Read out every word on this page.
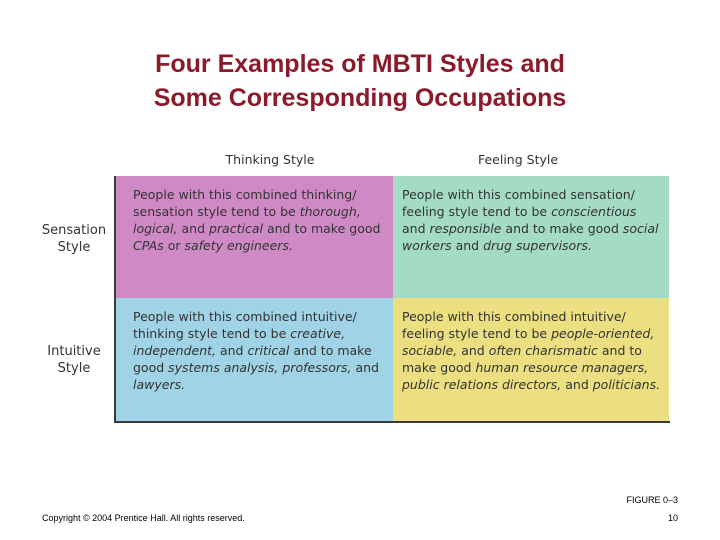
Four Examples of MBTI Styles and
Some Corresponding Occupations
Thinking Style	Feeling Style
Sensation
Style
Intuitive
Style
People with this combined thinking/ sensation style tend to be thorough, logical, and practical and to make good CPAs or safety engineers.
People with this combined sensation/ feeling style tend to be conscientious and responsible and to make good social workers and drug supervisors.
People with this combined intuitive/ thinking style tend to be creative, independent, and critical and to make good systems analysis, professors, and lawyers.
People with this combined intuitive/ feeling style tend to be people-oriented, sociable, and often charismatic and to make good human resource managers, public relations directors, and politicians.
FIGURE 0–3
Copyright © 2004 Prentice Hall. All rights reserved.	10
